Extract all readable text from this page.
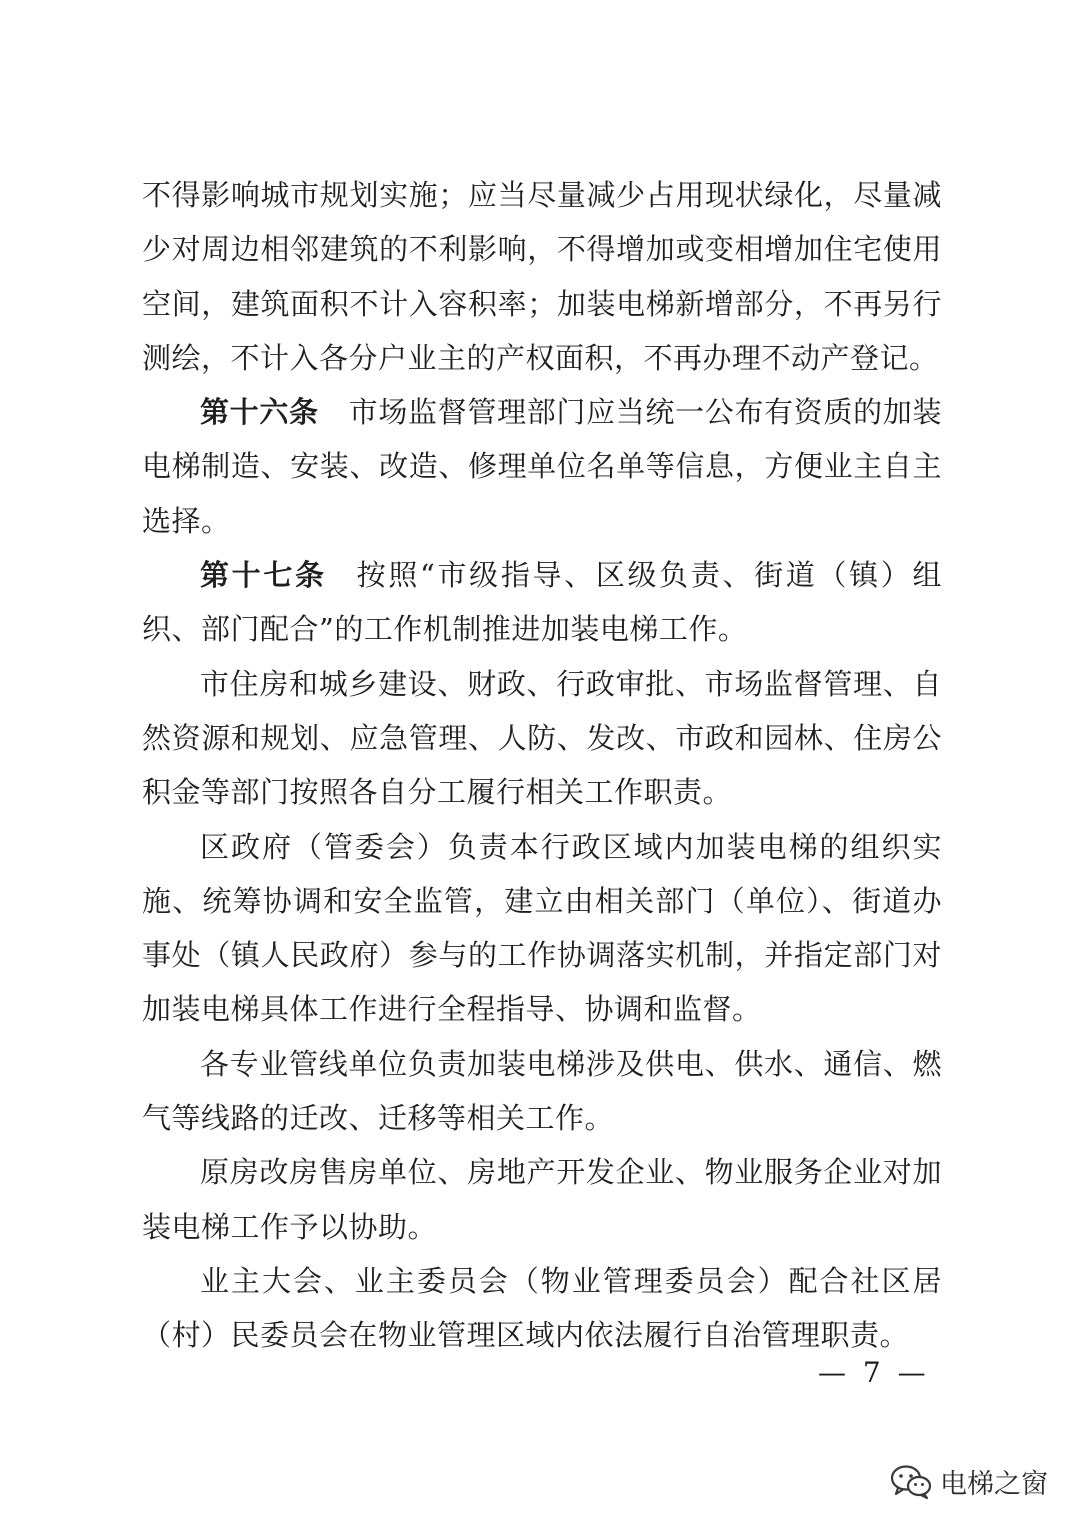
不得影响城市规划实施；应当尽量减少占用现状绿化，尽量减少对周边相邻建筑的不利影响，不得增加或变相增加住宅使用空间，建筑面积不计入容积率；加装电梯新增部分，不再另行测绘，不计入各分户业主的产权面积，不再办理不动产登记。

第十六条 市场监督管理部门应当统一公布有资质的加装电梯制造、安装、改造、修理单位名单等信息，方便业主自主选择。

第十七条 按照“市级指导、区级负责、街道（镇）组织、部门配合”的工作机制推进加装电梯工作。

市住房和城乡建设、财政、行政审批、市场监督管理、自然资源和规划、应急管理、人防、发改、市政和园林、住房公积金等部门按照各自分工履行相关工作职责。

区政府（管委会）负责本行政区域内加装电梯的组织实施、统筹协调和安全监管，建立由相关部门（单位）、街道办事处（镇人民政府）参与的工作协调落实机制，并指定部门对加装电梯具体工作进行全程指导、协调和监督。

各专业管线单位负责加装电梯涉及供电、供水、通信、燃气等线路的迁改、迁移等相关工作。

原房改房售房单位、房地产开发企业、物业服务企业对加装电梯工作予以协助。

业主大会、业主委员会（物业管理委员会）配合社区居（村）民委员会在物业管理区域内依法履行自治管理职责。

— 7 —
电梯之窗
